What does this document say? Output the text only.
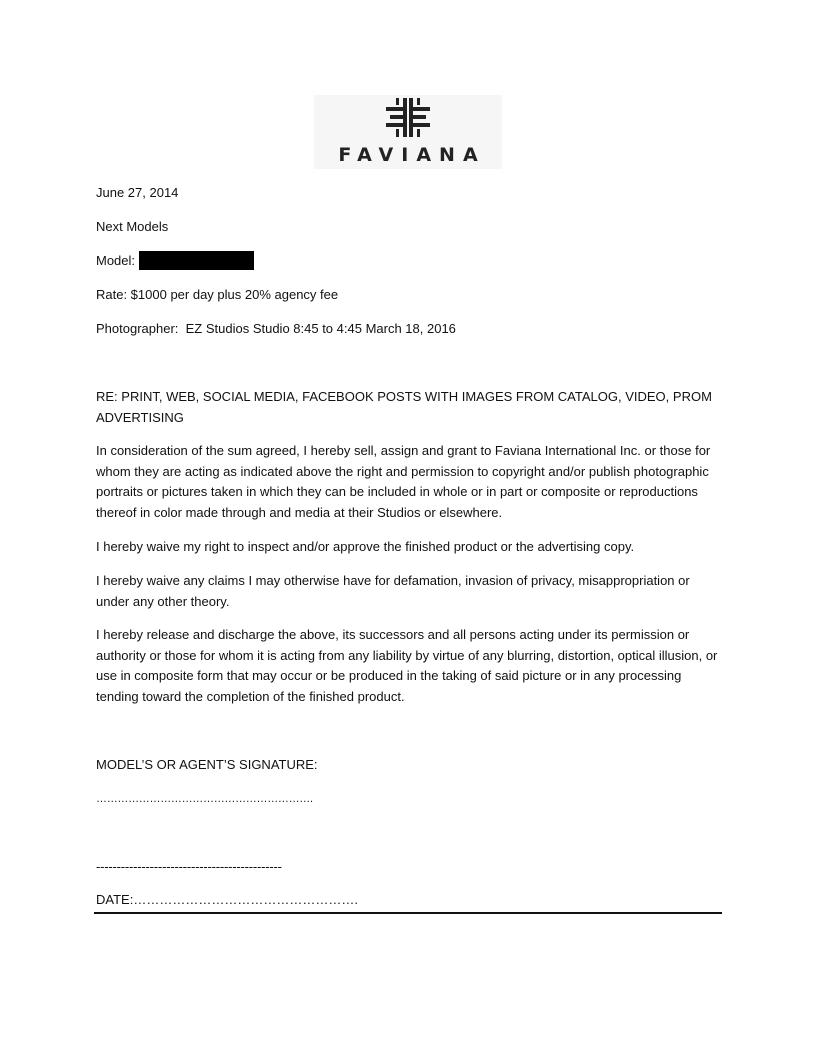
FAVIANA
June 27, 2014
Next Models
Model:
Rate: $1000 per day plus 20% agency fee
Photographer:  EZ Studios Studio 8:45 to 4:45 March 18, 2016
RE: PRINT, WEB, SOCIAL MEDIA, FACEBOOK POSTS WITH IMAGES FROM CATALOG, VIDEO, PROM ADVERTISING
In consideration of the sum agreed, I hereby sell, assign and grant to Faviana International Inc. or those for whom they are acting as indicated above the right and permission to copyright and/or publish photographic portraits or pictures taken in which they can be included in whole or in part or composite or reproductions thereof in color made through and media at their Studios or elsewhere.
I hereby waive my right to inspect and/or approve the finished product or the advertising copy.
I hereby waive any claims I may otherwise have for defamation, invasion of privacy, misappropriation or under any other theory.
I hereby release and discharge the above, its successors and all persons acting under its permission or authority or those for whom it is acting from any liability by virtue of any blurring, distortion, optical illusion, or use in composite form that may occur or be produced in the taking of said picture or in any processing tending toward the completion of the finished product.
MODEL’S OR AGENT’S SIGNATURE:
…………………………………………………….
---------------------------------------------
DATE:…………………………………………….
